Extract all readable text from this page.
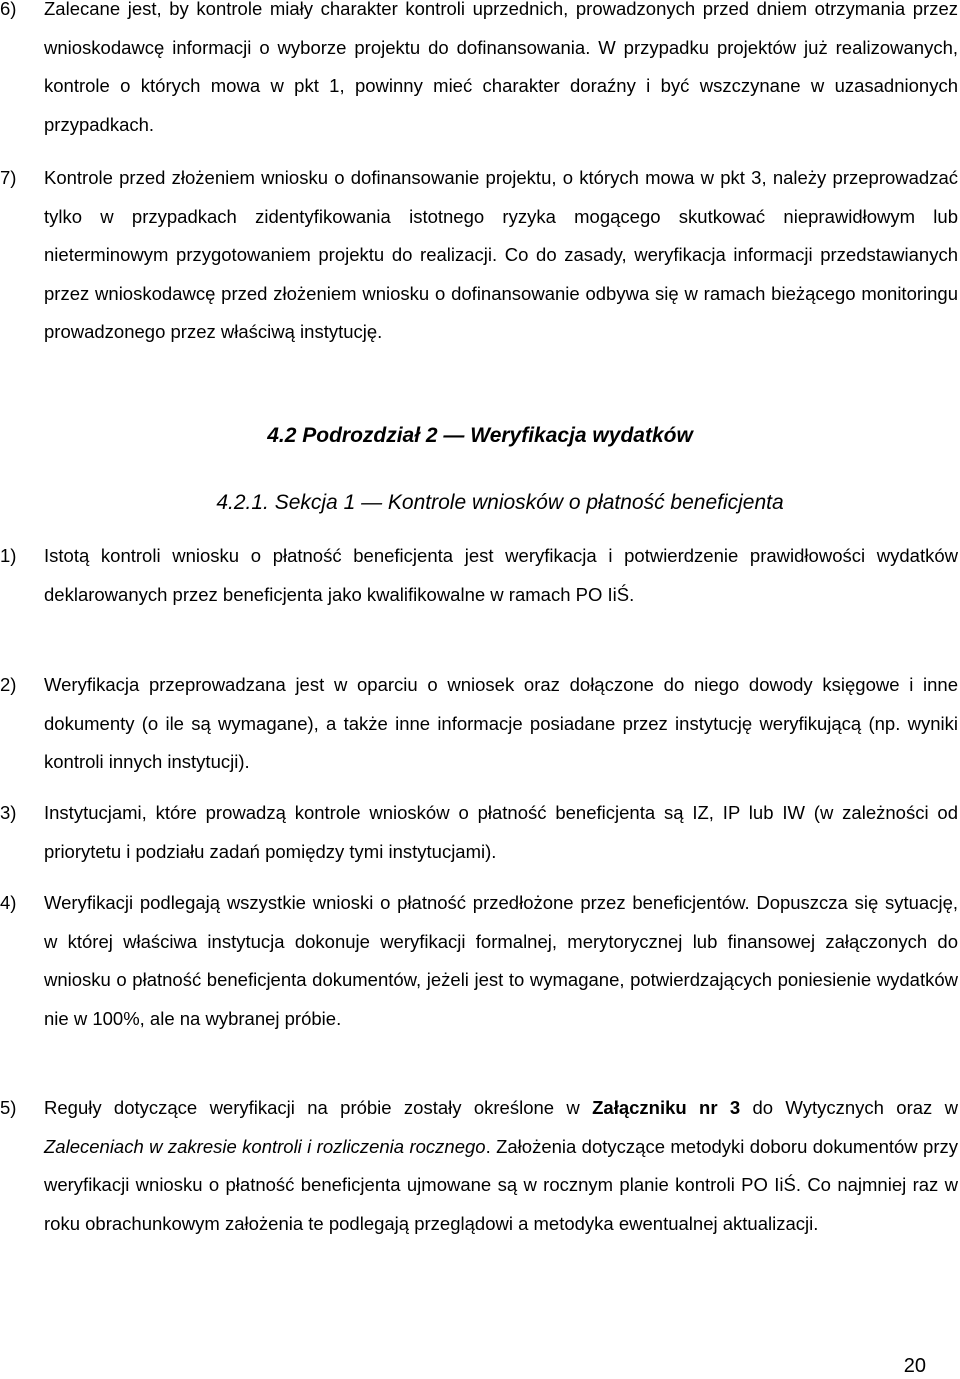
6) Zalecane jest, by kontrole miały charakter kontroli uprzednich, prowadzonych przed dniem otrzymania przez wnioskodawcę informacji o wyborze projektu do dofinansowania. W przypadku projektów już realizowanych, kontrole o których mowa w pkt 1, powinny mieć charakter doraźny i być wszczynane w uzasadnionych przypadkach.
7) Kontrole przed złożeniem wniosku o dofinansowanie projektu, o których mowa w pkt 3, należy przeprowadzać tylko w przypadkach zidentyfikowania istotnego ryzyka mogącego skutkować nieprawidłowym lub nieterminowym przygotowaniem projektu do realizacji. Co do zasady, weryfikacja informacji przedstawianych przez wnioskodawcę przed złożeniem wniosku o dofinansowanie odbywa się w ramach bieżącego monitoringu prowadzonego przez właściwą instytucję.
4.2 Podrozdział 2 — Weryfikacja wydatków
4.2.1. Sekcja 1 — Kontrole wniosków o płatność beneficjenta
1) Istotą kontroli wniosku o płatność beneficjenta jest weryfikacja i potwierdzenie prawidłowości wydatków deklarowanych przez beneficjenta jako kwalifikowalne w ramach PO IiŚ.
2) Weryfikacja przeprowadzana jest w oparciu o wniosek oraz dołączone do niego dowody księgowe i inne dokumenty (o ile są wymagane), a także inne informacje posiadane przez instytucję weryfikującą (np. wyniki kontroli innych instytucji).
3) Instytucjami, które prowadzą kontrole wniosków o płatność beneficjenta są IZ, IP lub IW (w zależności od priorytetu i podziału zadań pomiędzy tymi instytucjami).
4) Weryfikacji podlegają wszystkie wnioski o płatność przedłożone przez beneficjentów. Dopuszcza się sytuację, w której właściwa instytucja dokonuje weryfikacji formalnej, merytorycznej lub finansowej załączonych do wniosku o płatność beneficjenta dokumentów, jeżeli jest to wymagane, potwierdzających poniesienie wydatków nie w 100%, ale na wybranej próbie.
5) Reguły dotyczące weryfikacji na próbie zostały określone w Załączniku nr 3 do Wytycznych oraz w Zaleceniach w zakresie kontroli i rozliczenia rocznego. Założenia dotyczące metodyki doboru dokumentów przy weryfikacji wniosku o płatność beneficjenta ujmowane są w rocznym planie kontroli PO IiŚ. Co najmniej raz w roku obrachunkowym założenia te podlegają przeglądowi a metodyka ewentualnej aktualizacji.
20
